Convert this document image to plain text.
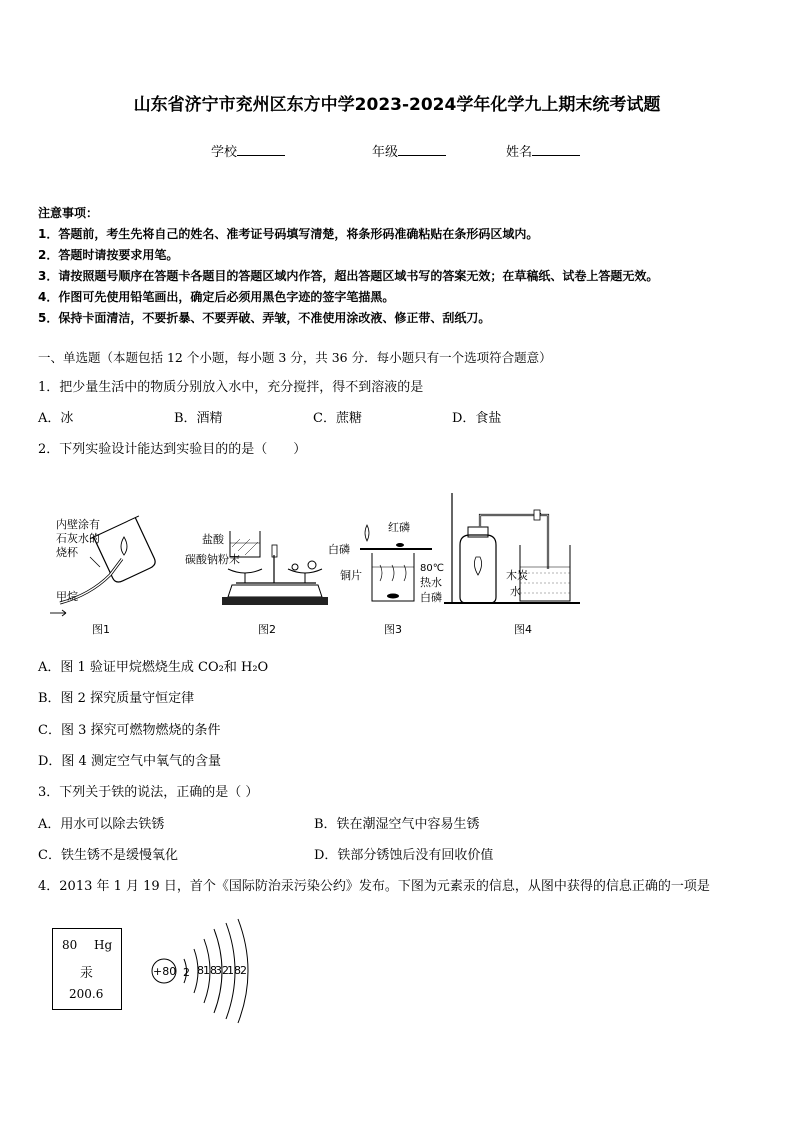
山东省济宁市兖州区东方中学2023-2024学年化学九上期末统考试题
学校	年级	姓名
注意事项：
1．答题前，考生先将自己的姓名、准考证号码填写清楚，将条形码准确粘贴在条形码区域内。
2．答题时请按要求用笔。
3．请按照题号顺序在答题卡各题目的答题区域内作答，超出答题区域书写的答案无效；在草稿纸、试卷上答题无效。
4．作图可先使用铅笔画出，确定后必须用黑色字迹的签字笔描黑。
5．保持卡面清洁，不要折暴、不要弄破、弄皱，不准使用涂改液、修正带、刮纸刀。
一、单选题（本题包括 12 个小题，每小题 3 分，共 36 分．每小题只有一个选项符合题意）
1．把少量生活中的物质分别放入水中，充分搅拌，得不到溶液的是
A．冰	B．酒精	C．蔗糖	D．食盐
2．下列实验设计能达到实验目的的是（　　）
内壁涂有
石灰水的
烧杯
甲烷
图1
盐酸
碳酸钠粉末
图2
红磷
白磷
铜片
80℃
热水
白磷
图3
木炭
水
图4
A．图 1 验证甲烷燃烧生成 CO₂和 H₂O
B．图 2 探究质量守恒定律
C．图 3 探究可燃物燃烧的条件
D．图 4 测定空气中氧气的含量
3．下列关于铁的说法，正确的是（ ）
A．用水可以除去铁锈	B．铁在潮湿空气中容易生锈
C．铁生锈不是缓慢氧化	D．铁部分锈蚀后没有回收价值
4．2013 年 1 月 19 日，首个《国际防治汞污染公约》发布。下图为元素汞的信息，从图中获得的信息正确的一项是
80 Hg
汞
200.6
+80 2 8 18
32
18 2
